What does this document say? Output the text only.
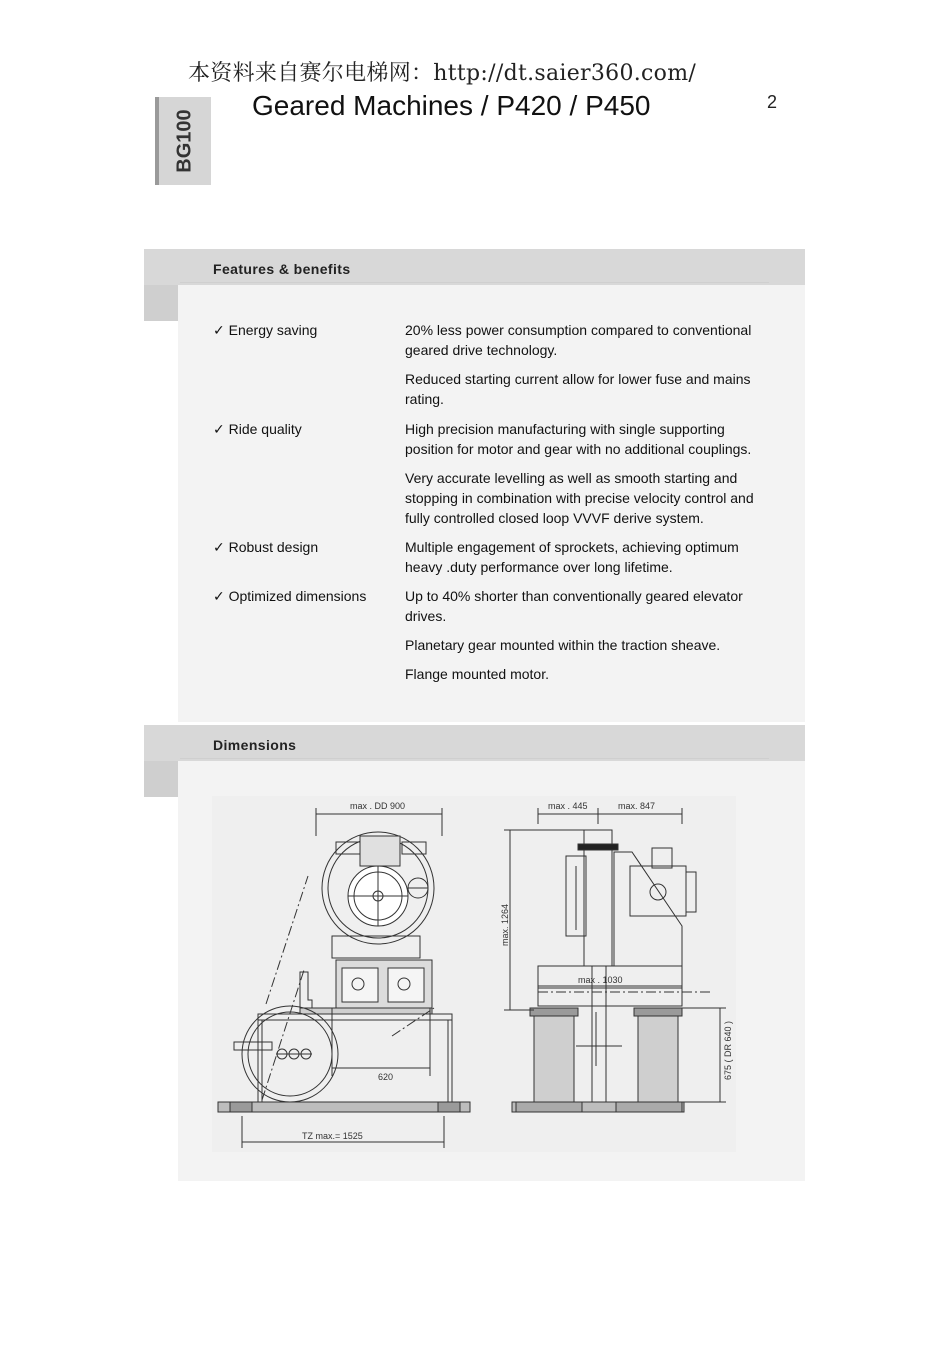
本资料来自赛尔电梯网：http://dt.saier360.com/
BG100
Geared Machines / P420 / P450	2
Features & benefits
✓ Energy saving	20% less power consumption compared to conventional geared drive technology.

Reduced starting current allow for lower fuse and mains rating.

✓ Ride quality	High precision manufacturing with single supporting position for motor and gear with no additional couplings.

Very accurate levelling as well as smooth starting and stopping in combination with precise velocity control and fully controlled closed loop VVVF derive system.

✓ Robust design	Multiple engagement of sprockets, achieving optimum heavy .duty performance over long lifetime.

✓ Optimized dimensions	Up to 40% shorter than conventionally geared elevator drives.

Planetary gear mounted within the traction sheave.

Flange mounted motor.

Dimensions
max . DD 900	max . 445	max. 847
max. 1264
max . 1030
620	675 ( DR 640 )
TZ max.= 1525
